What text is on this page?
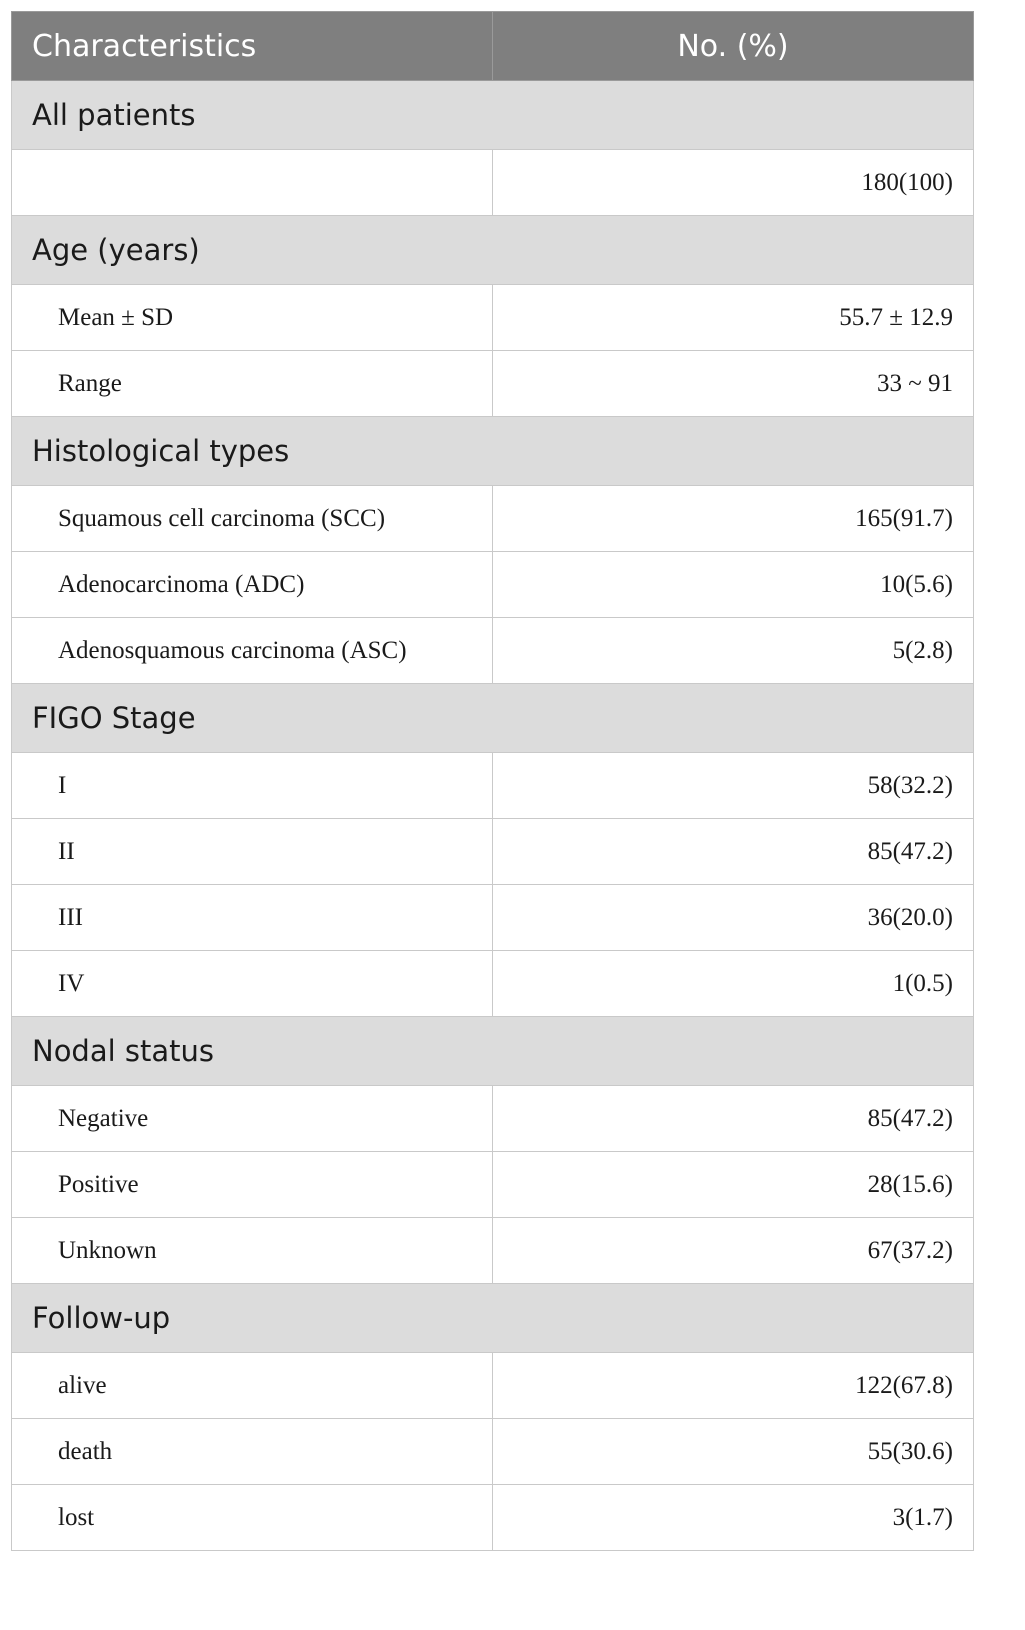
Characteristics	No. (%)
All patients	
	180(100)
Age (years)	
Mean ± SD	55.7 ± 12.9
Range	33 ~ 91
Histological types	
Squamous cell carcinoma (SCC)	165(91.7)
Adenocarcinoma (ADC)	10(5.6)
Adenosquamous carcinoma (ASC)	5(2.8)
FIGO Stage	
I	58(32.2)
II	85(47.2)
III	36(20.0)
IV	1(0.5)
Nodal status	
Negative	85(47.2)
Positive	28(15.6)
Unknown	67(37.2)
Follow-up	
alive	122(67.8)
death	55(30.6)
lost	3(1.7)
